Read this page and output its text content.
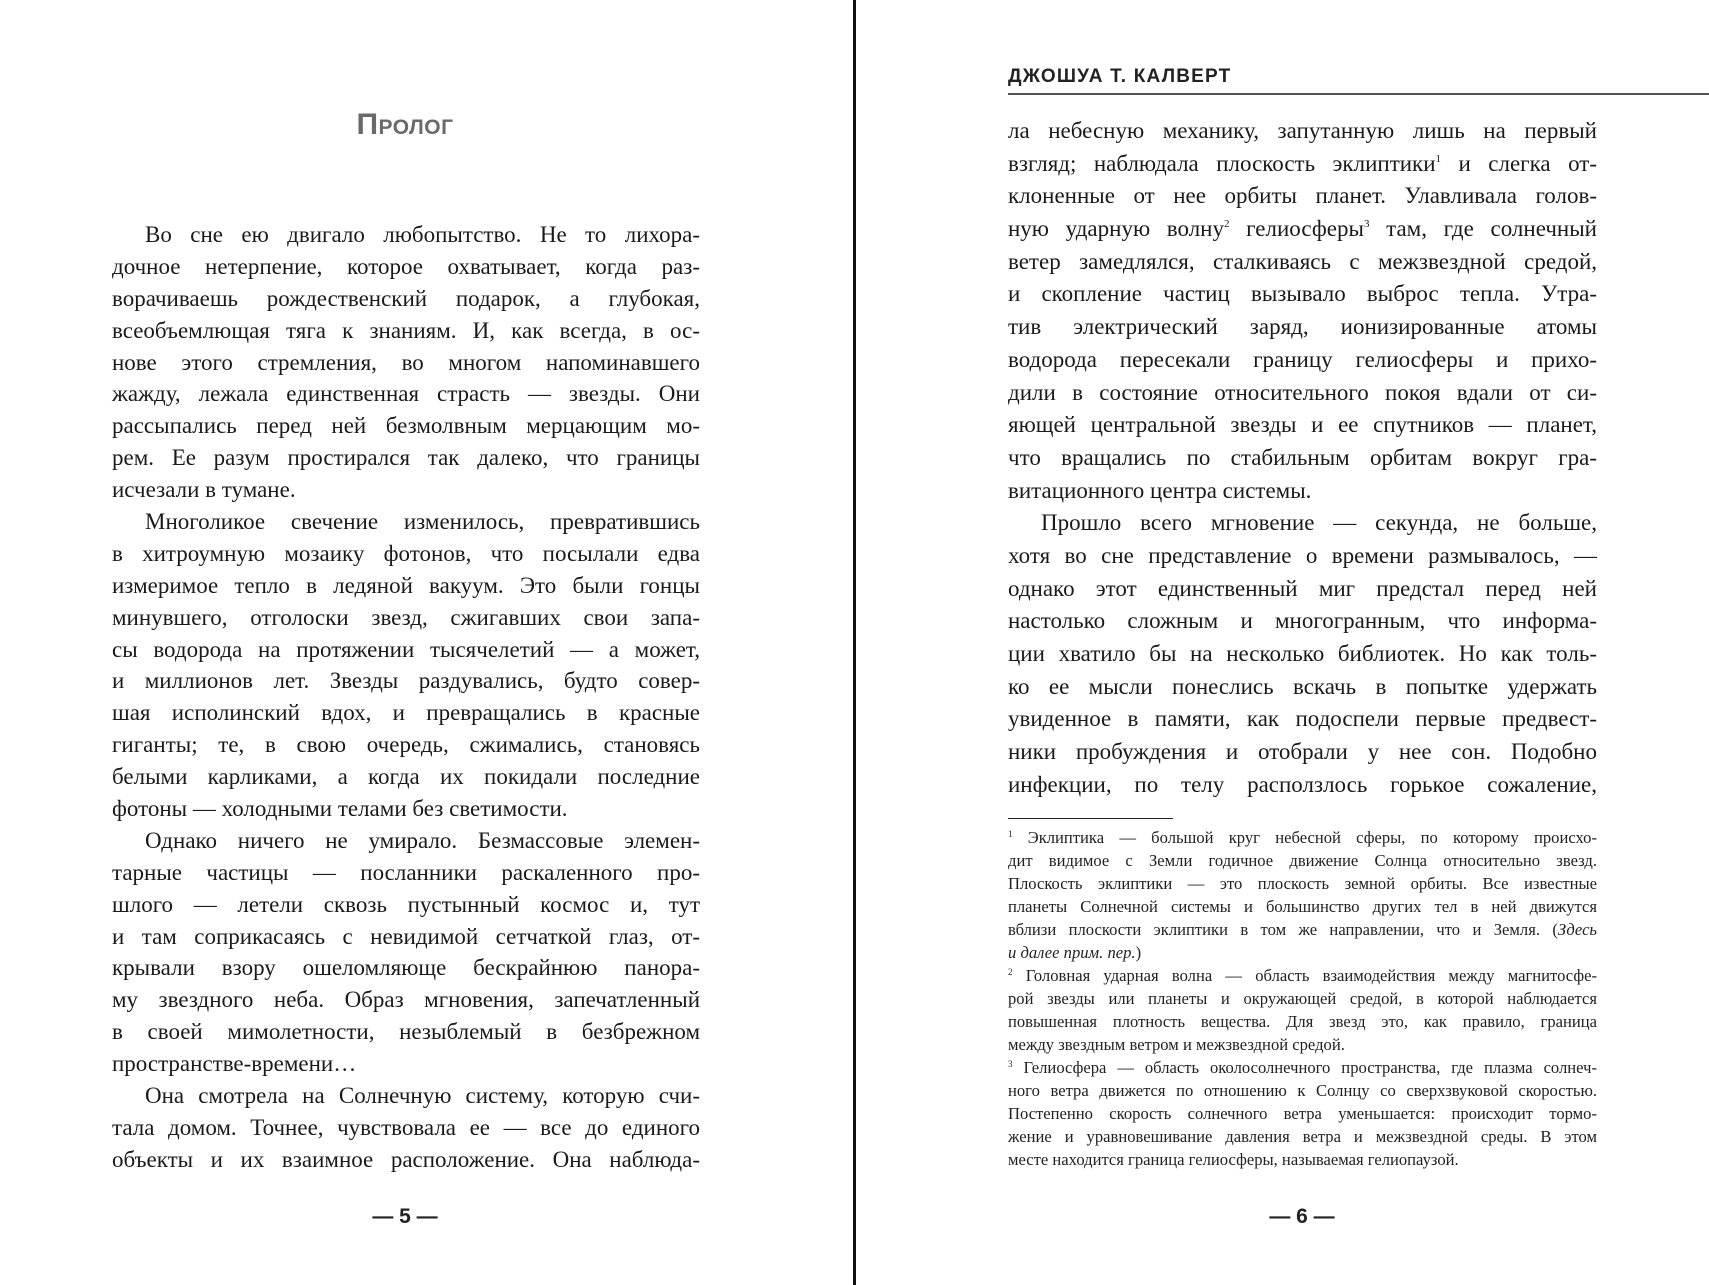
Пролог
Во сне ею двигало любопытство. Не то лихора-
дочное нетерпение, которое охватывает, когда раз-
ворачиваешь рождественский подарок, а глубокая,
всеобъемлющая тяга к знаниям. И, как всегда, в ос-
нове этого стремления, во многом напоминавшего
жажду, лежала единственная страсть — звезды. Они
рассыпались перед ней безмолвным мерцающим мо-
рем. Ее разум простирался так далеко, что границы
исчезали в тумане.
Многоликое свечение изменилось, превратившись
в хитроумную мозаику фотонов, что посылали едва
измеримое тепло в ледяной вакуум. Это были гонцы
минувшего, отголоски звезд, сжигавших свои запа-
сы водорода на протяжении тысячелетий — а может,
и миллионов лет. Звезды раздувались, будто совер-
шая исполинский вдох, и превращались в красные
гиганты; те, в свою очередь, сжимались, становясь
белыми карликами, а когда их покидали последние
фотоны — холодными телами без светимости.
Однако ничего не умирало. Безмассовые элемен-
тарные частицы — посланники раскаленного про-
шлого — летели сквозь пустынный космос и, тут
и там соприкасаясь с невидимой сетчаткой глаз, от-
крывали взору ошеломляюще бескрайнюю панора-
му звездного неба. Образ мгновения, запечатленный
в своей мимолетности, незыблемый в безбрежном
пространстве-времени…
Она смотрела на Солнечную систему, которую счи-
тала домом. Точнее, чувствовала ее — все до единого
объекты и их взаимное расположение. Она наблюда-
— 5 —
ДЖОШУА Т. КАЛВЕРТ
ла небесную механику, запутанную лишь на первый
взгляд; наблюдала плоскость эклиптики$^1$ и слегка от-
клоненные от нее орбиты планет. Улавливала голов-
ную ударную волну$^2$ гелиосферы$^3$ там, где солнечный
ветер замедлялся, сталкиваясь с межзвездной средой,
и скопление частиц вызывало выброс тепла. Утра-
тив электрический заряд, ионизированные атомы
водорода пересекали границу гелиосферы и прихо-
дили в состояние относительного покоя вдали от си-
яющей центральной звезды и ее спутников — планет,
что вращались по стабильным орбитам вокруг гра-
витационного центра системы.
Прошло всего мгновение — секунда, не больше,
хотя во сне представление о времени размывалось, —
однако этот единственный миг предстал перед ней
настолько сложным и многогранным, что информа-
ции хватило бы на несколько библиотек. Но как толь-
ко ее мысли понеслись вскачь в попытке удержать
увиденное в памяти, как подоспели первые предвест-
ники пробуждения и отобрали у нее сон. Подобно
инфекции, по телу расползлось горькое сожаление,
$^1$ Эклиптика — большой круг небесной сферы, по которому происхо-
дит видимое с Земли годичное движение Солнца относительно звезд.
Плоскость эклиптики — это плоскость земной орбиты. Все известные
планеты Солнечной системы и большинство других тел в ней движутся
вблизи плоскости эклиптики в том же направлении, что и Земля. (Здесь
и далее прим. пер.)
$^2$ Головная ударная волна — область взаимодействия между магнитосфе-
рой звезды или планеты и окружающей средой, в которой наблюдается
повышенная плотность вещества. Для звезд это, как правило, граница
между звездным ветром и межзвездной средой.
$^3$ Гелиосфера — область околосолнечного пространства, где плазма солнеч-
ного ветра движется по отношению к Солнцу со сверхзвуковой скоростью.
Постепенно скорость солнечного ветра уменьшается: происходит тормо-
жение и уравновешивание давления ветра и межзвездной среды. В этом
месте находится граница гелиосферы, называемая гелиопаузой.
— 6 —
